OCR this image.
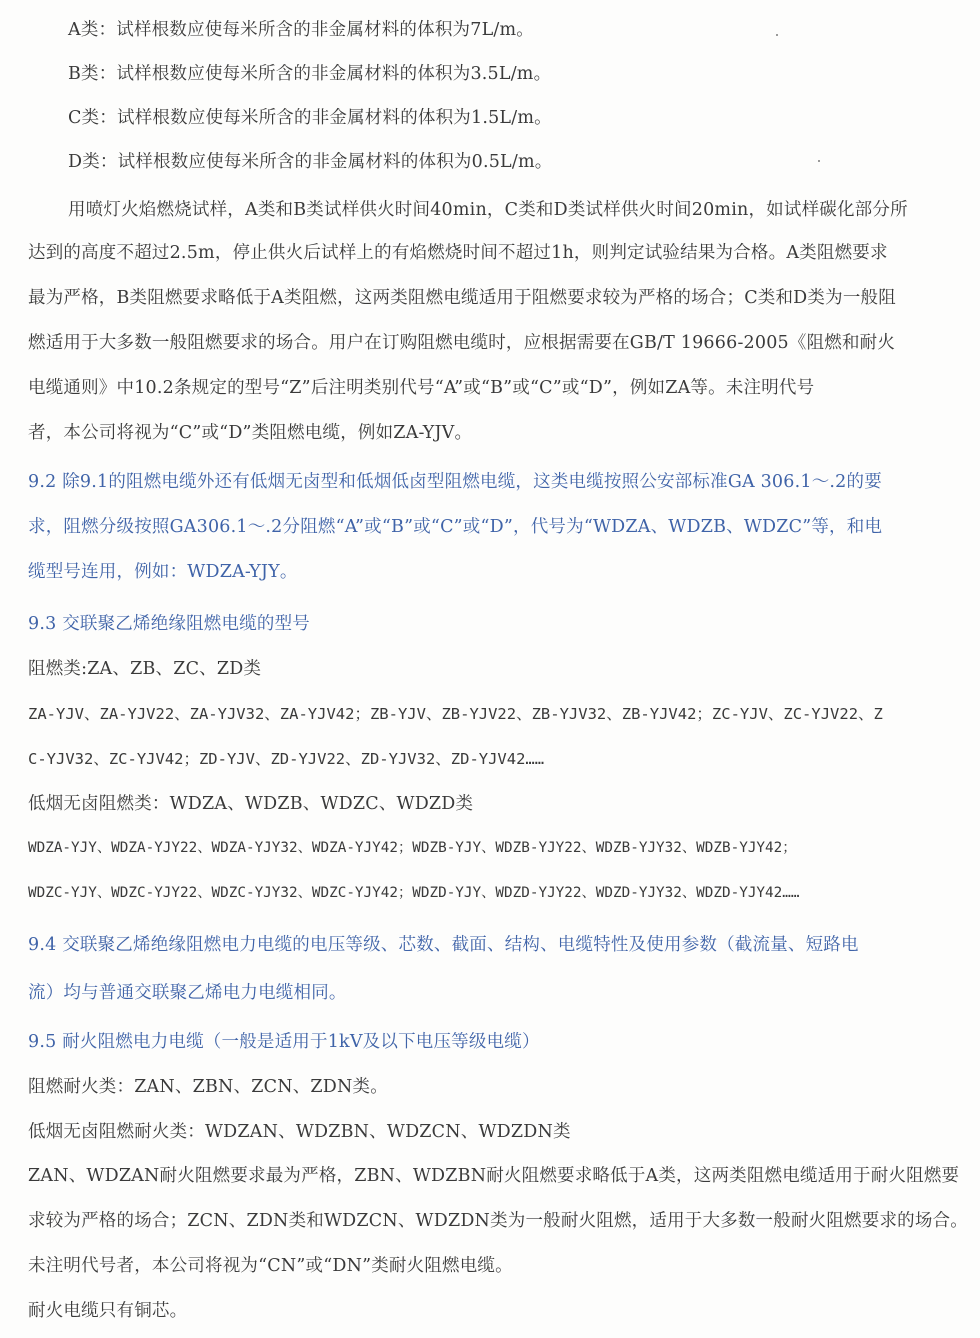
A类：试样根数应使每米所含的非金属材料的体积为7L/m。
B类：试样根数应使每米所含的非金属材料的体积为3.5L/m。
C类：试样根数应使每米所含的非金属材料的体积为1.5L/m。
D类：试样根数应使每米所含的非金属材料的体积为0.5L/m。
用喷灯火焰燃烧试样，A类和B类试样供火时间40min，C类和D类试样供火时间20min，如试样碳化部分所
达到的高度不超过2.5m，停止供火后试样上的有焰燃烧时间不超过1h，则判定试验结果为合格。A类阻燃要求
最为严格，B类阻燃要求略低于A类阻燃，这两类阻燃电缆适用于阻燃要求较为严格的场合；C类和D类为一般阻
燃适用于大多数一般阻燃要求的场合。用户在订购阻燃电缆时，应根据需要在GB/T 19666-2005《阻燃和耐火
电缆通则》中10.2条规定的型号“Z”后注明类别代号“A”或“B”或“C”或“D”，例如ZA等。未注明代号
者，本公司将视为“C”或“D”类阻燃电缆，例如ZA-YJV。
9.2 除9.1的阻燃电缆外还有低烟无卤型和低烟低卤型阻燃电缆，这类电缆按照公安部标准GA 306.1～.2的要
求，阻燃分级按照GA306.1～.2分阻燃“A”或“B”或“C”或“D”，代号为“WDZA、WDZB、WDZC”等，和电
缆型号连用，例如：WDZA-YJY。
9.3 交联聚乙烯绝缘阻燃电缆的型号
阻燃类:ZA、ZB、ZC、ZD类
ZA-YJV、ZA-YJV22、ZA-YJV32、ZA-YJV42；ZB-YJV、ZB-YJV22、ZB-YJV32、ZB-YJV42；ZC-YJV、ZC-YJV22、Z
C-YJV32、ZC-YJV42；ZD-YJV、ZD-YJV22、ZD-YJV32、ZD-YJV42……
低烟无卤阻燃类：WDZA、WDZB、WDZC、WDZD类
WDZA-YJY、WDZA-YJY22、WDZA-YJY32、WDZA-YJY42；WDZB-YJY、WDZB-YJY22、WDZB-YJY32、WDZB-YJY42；
WDZC-YJY、WDZC-YJY22、WDZC-YJY32、WDZC-YJY42；WDZD-YJY、WDZD-YJY22、WDZD-YJY32、WDZD-YJY42……
9.4 交联聚乙烯绝缘阻燃电力电缆的电压等级、芯数、截面、结构、电缆特性及使用参数（截流量、短路电
流）均与普通交联聚乙烯电力电缆相同。
9.5 耐火阻燃电力电缆（一般是适用于1kV及以下电压等级电缆）
阻燃耐火类：ZAN、ZBN、ZCN、ZDN类。
低烟无卤阻燃耐火类：WDZAN、WDZBN、WDZCN、WDZDN类
ZAN、WDZAN耐火阻燃要求最为严格，ZBN、WDZBN耐火阻燃要求略低于A类，这两类阻燃电缆适用于耐火阻燃要
求较为严格的场合；ZCN、ZDN类和WDZCN、WDZDN类为一般耐火阻燃，适用于大多数一般耐火阻燃要求的场合。
未注明代号者，本公司将视为“CN”或“DN”类耐火阻燃电缆。
耐火电缆只有铜芯。
